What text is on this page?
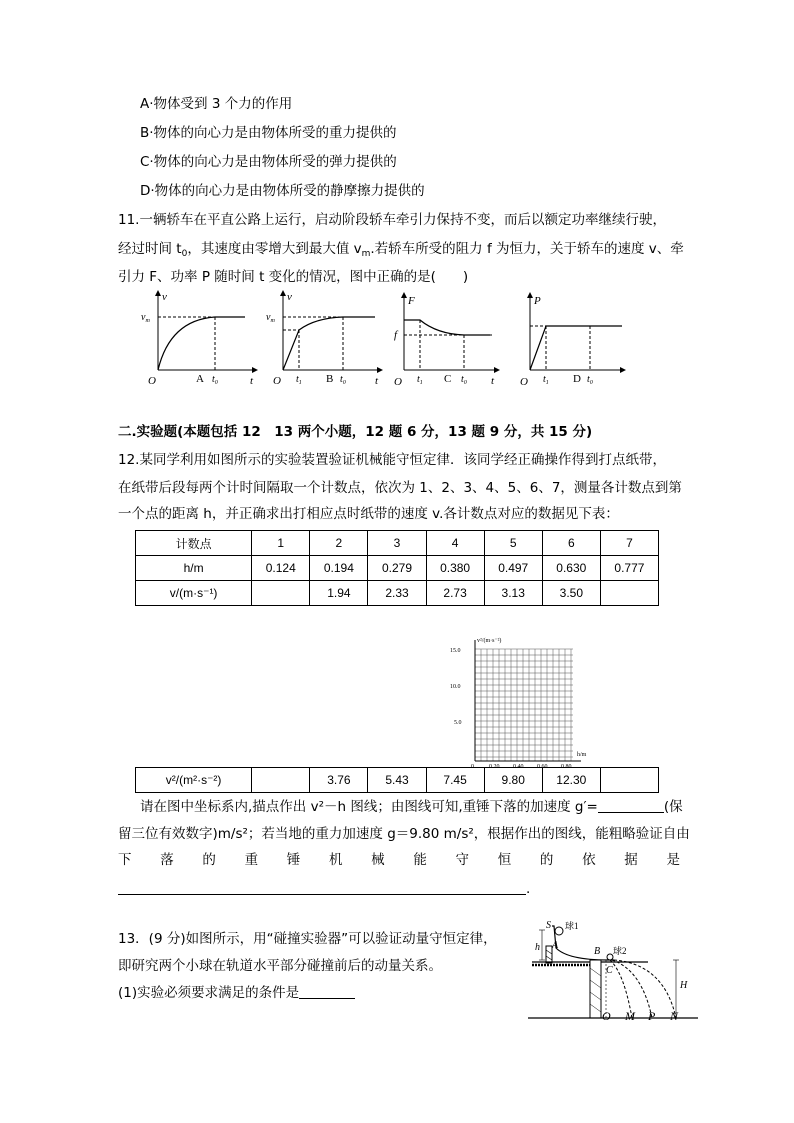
A·物体受到 3 个力的作用
B·物体的向心力是由物体所受的重力提供的
C·物体的向心力是由物体所受的弹力提供的
D·物体的向心力是由物体所受的静摩擦力提供的
11.一辆轿车在平直公路上运行，启动阶段轿车牵引力保持不变，而后以额定功率继续行驶，
经过时间 $t_0$，其速度由零增大到最大值 $v_m$.若轿车所受的阻力 f 为恒力，关于轿车的速度 v、牵
引力 F、功率 P 随时间 t 变化的情况，图中正确的是(　　)
v
$v_m$
O	$t_0$	t
A
v
$v_m$
O $t_1$	$t_0$	t
B
F
f
O $t_1$	$t_0$ t
C
P
O $t_1$	$t_0$
D
二.实验题(本题包括 12　13 两个小题，12 题 6 分，13 题 9 分，共 15 分)
12.某同学利用如图所示的实验装置验证机械能守恒定律．该同学经正确操作得到打点纸带，
在纸带后段每两个计时间隔取一个计数点，依次为 1、2、3、4、5、6、7，测量各计数点到第
一个点的距离 h，并正确求出打相应点时纸带的速度 v.各计数点对应的数据见下表：
计数点	1	2	3	4	5	6	7
h/m	0.124	0.194	0.279	0.380	0.497	0.630	0.777
v/(m·s⁻¹)		1.94	2.33	2.73	3.13	3.50	
v²/(m·s⁻²)
15.0
10.0
5.0
h/m
0	0.20 0.40 0.60 0.80
v²/(m²·s⁻²)		3.76	5.43	7.45	9.80	12.30	
请在图中坐标系内,描点作出 v²－h 图线；由图线可知,重锤下落的加速度 g′=	(保
留三位有效数字)m/s²；若当地的重力加速度 g＝9.80 m/s²，根据作出的图线，能粗略验证自由
下 落 的 重 锤 机 械 能 守 恒 的 依 据 是
.
13．(9 分)如图所示，用“碰撞实验器”可以验证动量守恒定律，
即研究两个小球在轨道水平部分碰撞前后的动量关系。
(1)实验必须要求满足的条件是
S 球1
h A
B 球2
C
H
O M P N
